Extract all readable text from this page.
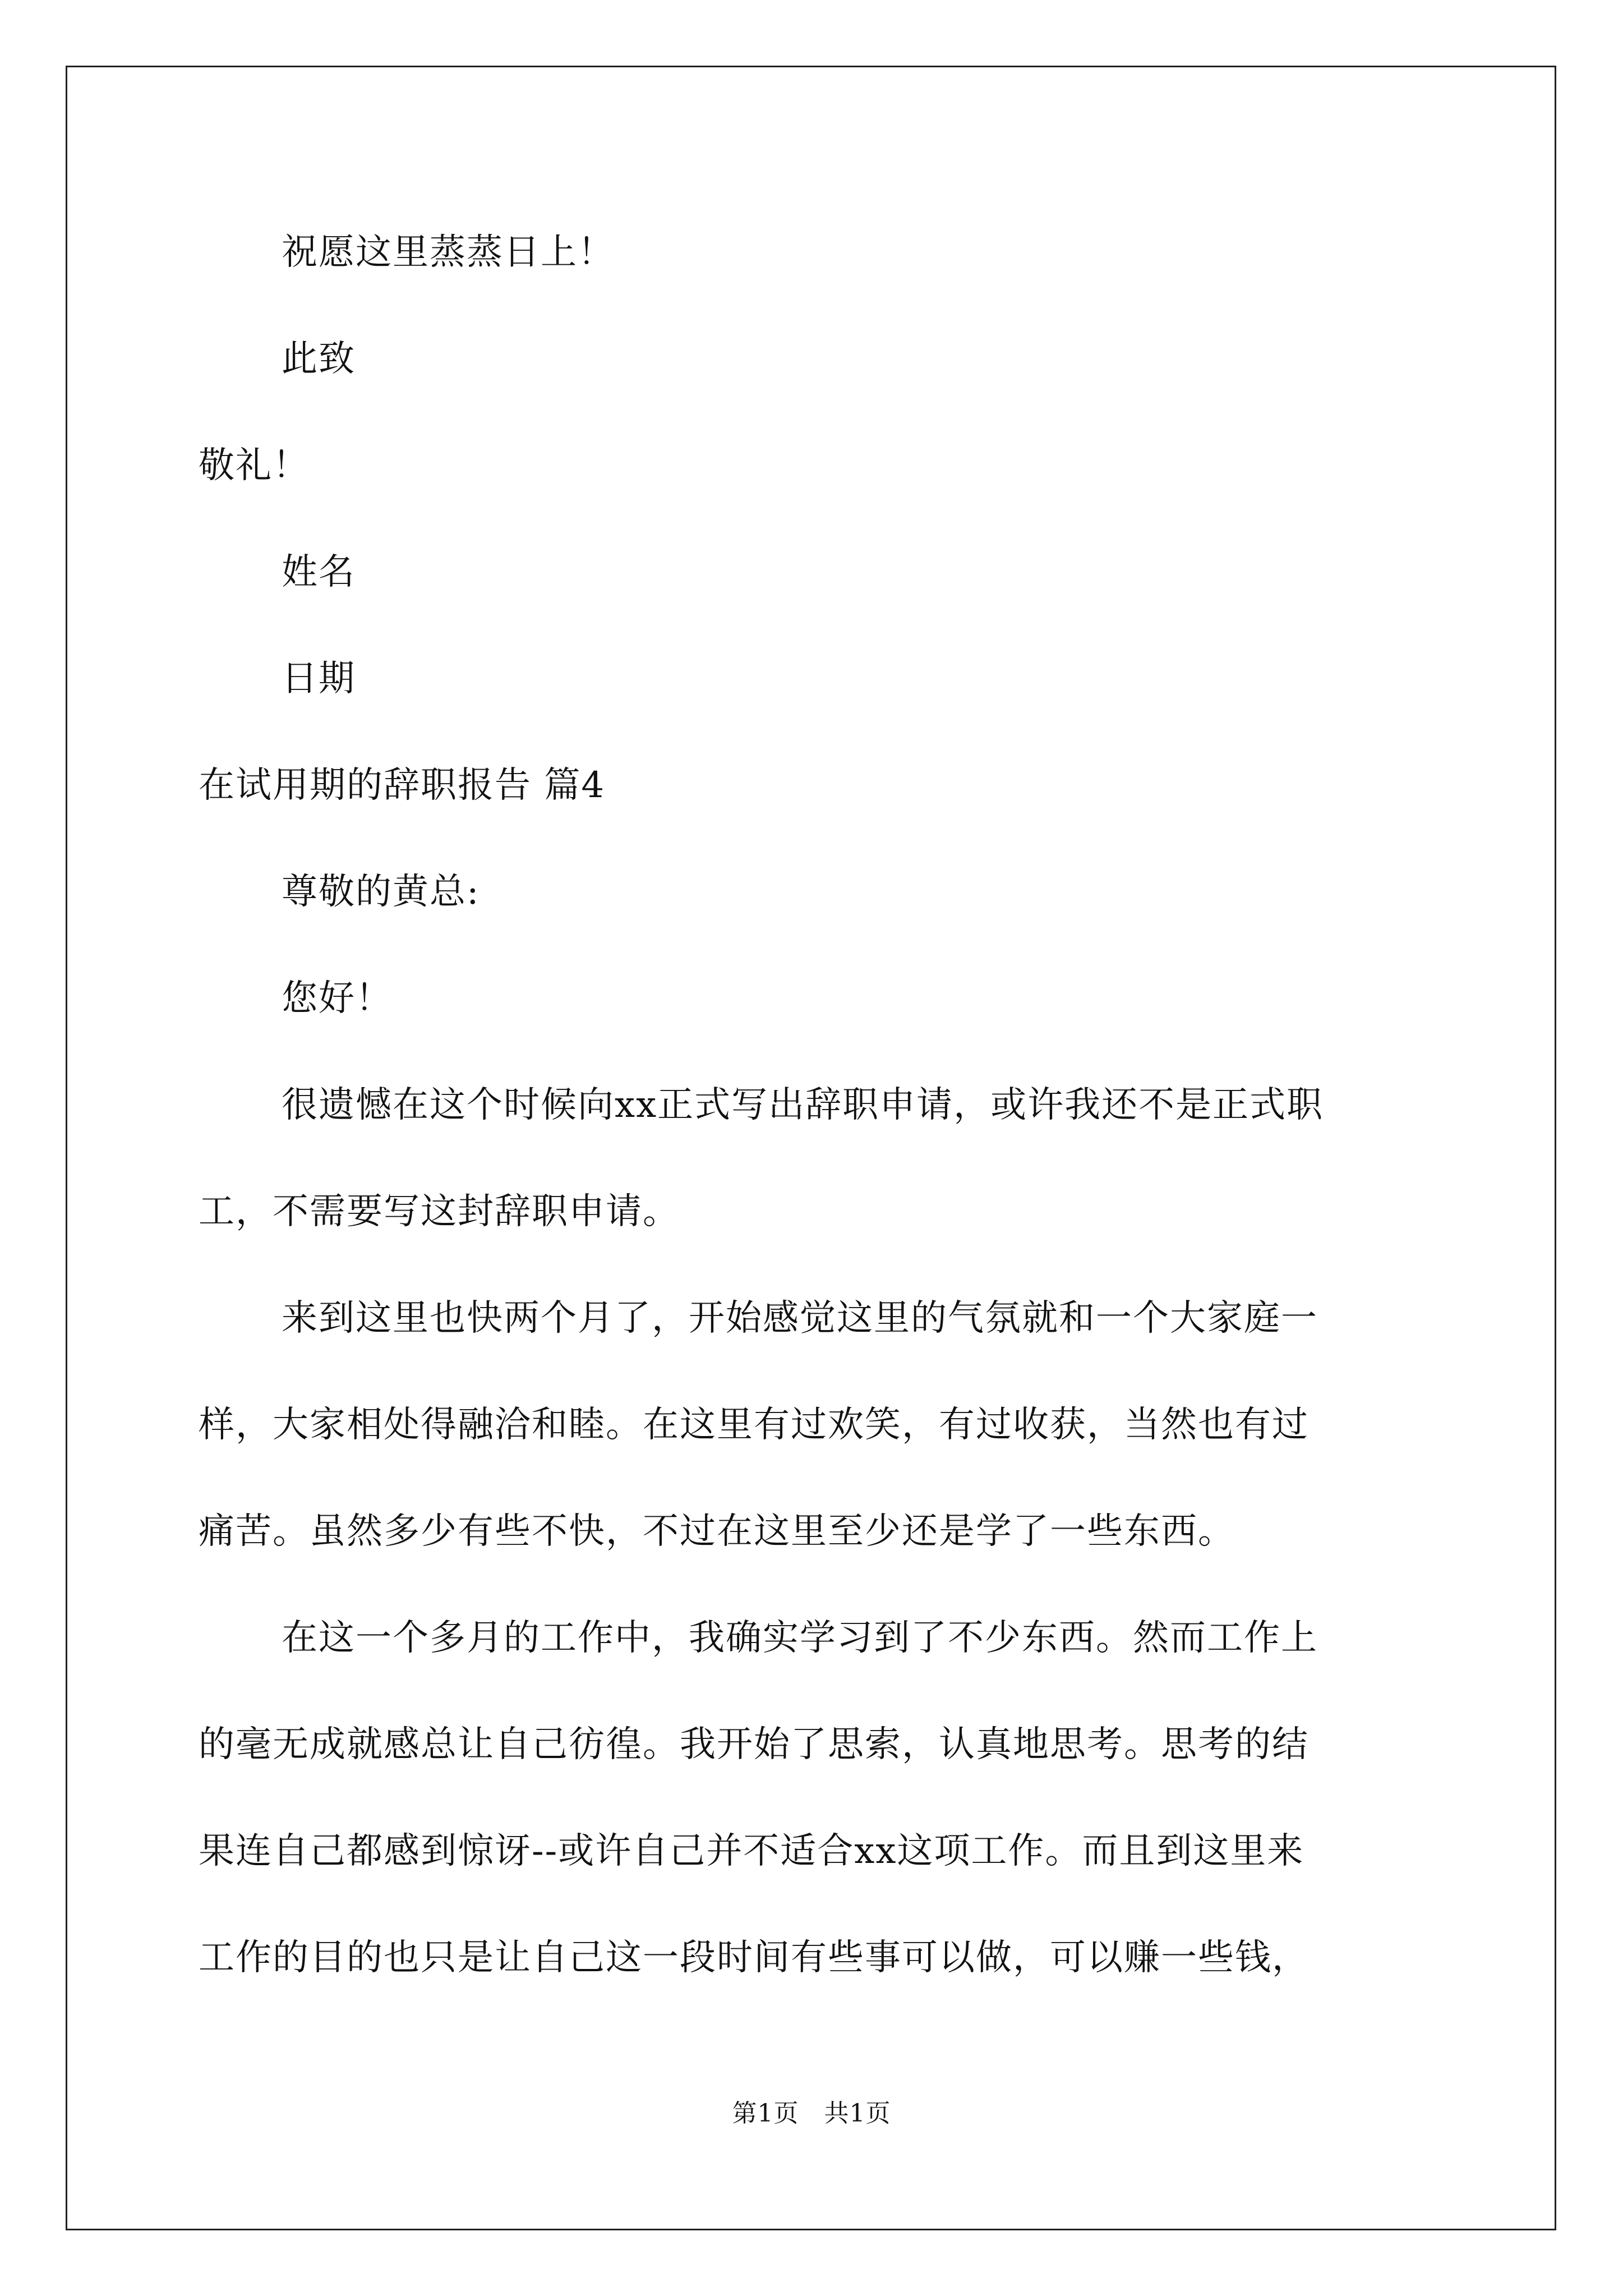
祝愿这里蒸蒸日上！
此致
敬礼！
姓名
日期
在试用期的辞职报告 篇4
尊敬的黄总:
您好！
很遗憾在这个时候向xx正式写出辞职申请，或许我还不是正式职
工，不需要写这封辞职申请。
来到这里也快两个月了，开始感觉这里的气氛就和一个大家庭一
样，大家相处得融洽和睦。在这里有过欢笑，有过收获，当然也有过
痛苦。虽然多少有些不快，不过在这里至少还是学了一些东西。
在这一个多月的工作中，我确实学习到了不少东西。然而工作上
的毫无成就感总让自己彷徨。我开始了思索，认真地思考。思考的结
果连自己都感到惊讶--或许自己并不适合xx这项工作。而且到这里来
工作的目的也只是让自己这一段时间有些事可以做，可以赚一些钱，
第1页　共1页
